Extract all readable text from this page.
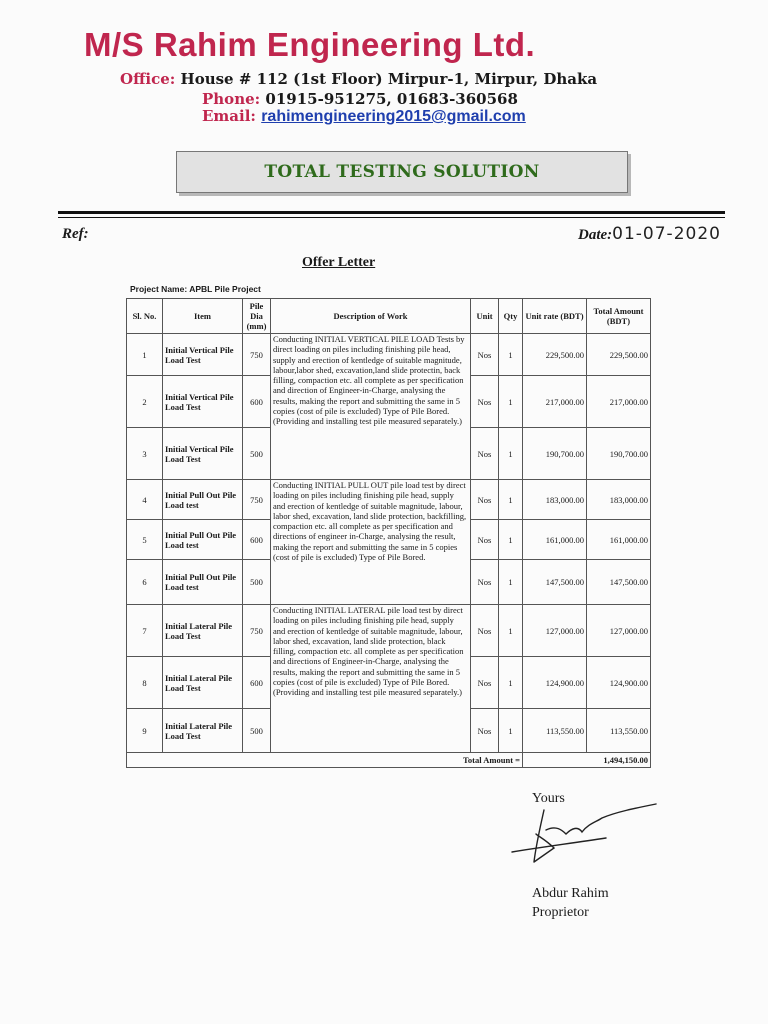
M/S Rahim Engineering Ltd.
Office: House # 112 (1st Floor) Mirpur-1, Mirpur, Dhaka
Phone: 01915-951275, 01683-360568
Email: rahimengineering2015@gmail.com
TOTAL TESTING SOLUTION
Ref:	Date:01-07-2020
Offer Letter
Project Name: APBL Pile Project
Sl. No.	Item	Pile Dia (mm)	Description of Work	Unit	Qty	Unit rate (BDT)	Total Amount (BDT)
1	Initial Vertical Pile Load Test	750	Conducting INITIAL VERTICAL PILE LOAD Tests by direct loading on piles including finishing pile head, supply and erection of kentledge of suitable magnitude, labour,labor shed, excavation,land slide protectin, back filling, compaction etc. all complete as per specification and direction of Engineer-in-Charge, analysing the results, making the report and submitting the same in 5 copies (cost of pile is excluded) Type of Pile Bored.(Providing and installing test pile measured separately.)	Nos	1	229,500.00	229,500.00
2	Initial Vertical Pile Load Test	600		Nos	1	217,000.00	217,000.00
3	Initial Vertical Pile Load Test	500		Nos	1	190,700.00	190,700.00
4	Initial Pull Out Pile Load test	750	Conducting INITIAL PULL OUT pile load test by direct loading on piles including finishing pile head, supply and erection of kentledge of suitable magnitude, labour, labor shed, excavation, land slide protection, backfilling, compaction etc. all complete as per specification and directions of engineer in-Charge, analysing the result, making the report and submitting the same in 5 copies (cost of pile is excluded) Type of Pile Bored.	Nos	1	183,000.00	183,000.00
5	Initial Pull Out Pile Load test	600		Nos	1	161,000.00	161,000.00
6	Initial Pull Out Pile Load test	500		Nos	1	147,500.00	147,500.00
7	Initial Lateral Pile Load Test	750	Conducting INITIAL LATERAL pile load test by direct loading on piles including finishing pile head, supply and erection of kentledge of suitable magnitude, labour, labor shed, excavation, land slide protection, black filling, compaction etc. all complete as per specification and directions of Engineer-in-Charge, analysing the results, making the report and submitting the same in 5 copies (cost of pile is excluded) Type of Pile Bored.(Providing and installing test pile measured separately.)	Nos	1	127,000.00	127,000.00
8	Initial Lateral Pile Load Test	600		Nos	1	124,900.00	124,900.00
9	Initial Lateral Pile Load Test	500		Nos	1	113,550.00	113,550.00
Total Amount =						1,494,150.00	
Yours
Abdur Rahim
Proprietor
